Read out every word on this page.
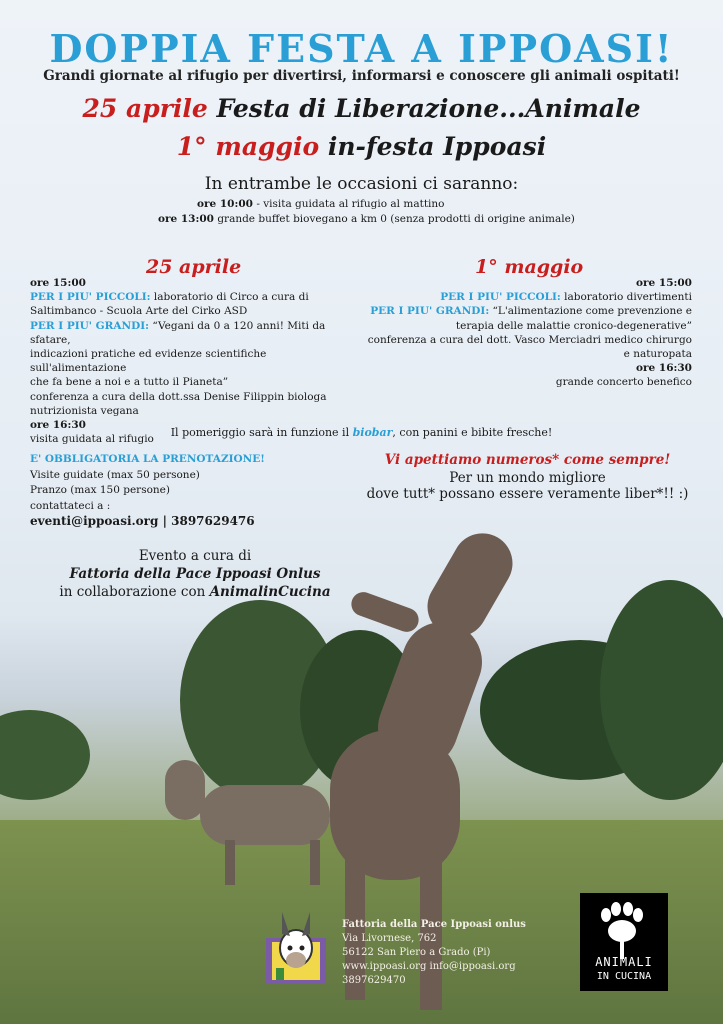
DOPPIA FESTA A IPPOASI!
Grandi giornate al rifugio per divertirsi, informarsi e conoscere gli animali ospitati!
25 aprile Festa di Liberazione...Animale
1° maggio in-festa Ippoasi
In entrambe le occasioni ci saranno:
ore 10:00 - visita guidata al rifugio al mattino
ore 13:00 grande buffet biovegano a km 0 (senza prodotti di origine animale)
25 aprile
ore 15:00
PER I PIU' PICCOLI: laboratorio di Circo a cura di
Saltimbanco - Scuola Arte del Cirko ASD
PER I PIU' GRANDI: “Vegani da 0 a 120 anni! Miti da sfatare,
indicazioni pratiche ed evidenze scientifiche sull'alimentazione
che fa bene a noi e a tutto il Pianeta”
conferenza a cura della dott.ssa Denise Filippin biologa
nutrizionista vegana
ore 16:30
visita guidata al rifugio
1° maggio
ore 15:00
PER I PIU' PICCOLI: laboratorio divertimenti
PER I PIU' GRANDI: “L'alimentazione come prevenzione e
terapia delle malattie cronico-degenerative”
conferenza a cura del dott. Vasco Merciadri medico chirurgo
e naturopata
ore 16:30
grande concerto benefico
Il pomeriggio sarà in funzione il biobar, con panini e bibite fresche!
E' OBBLIGATORIA LA PRENOTAZIONE!
Visite guidate (max 50 persone)
Pranzo (max 150 persone)
contattateci a :
eventi@ippoasi.org | 3897629476
Vi apettiamo numeros* come sempre!
Per un mondo migliore
dove tutt* possano essere veramente liber*!! :)
Evento a cura di
Fattoria della Pace Ippoasi Onlus
in collaborazione con AnimalinCucina
Fattoria della Pace Ippoasi onlus
Via Livornese, 762
56122 San Piero a Grado (Pi)
www.ippoasi.org info@ippoasi.org
3897629470
ANIMALI
IN CUCINA
